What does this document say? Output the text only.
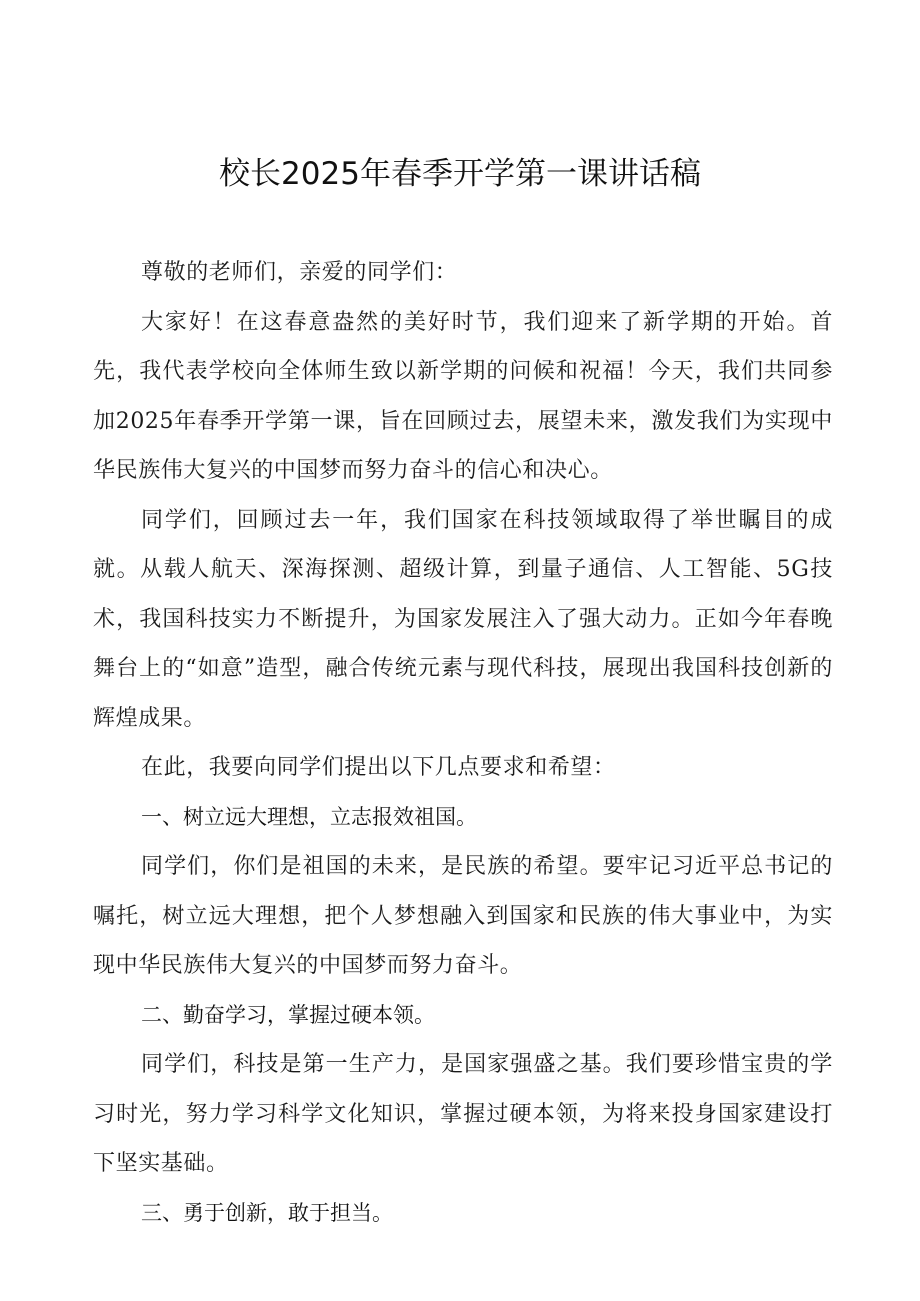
校长2025年春季开学第一课讲话稿

尊敬的老师们，亲爱的同学们：

大家好！在这春意盎然的美好时节，我们迎来了新学期的开始。首先，我代表学校向全体师生致以新学期的问候和祝福！今天，我们共同参加2025年春季开学第一课，旨在回顾过去，展望未来，激发我们为实现中华民族伟大复兴的中国梦而努力奋斗的信心和决心。

同学们，回顾过去一年，我们国家在科技领域取得了举世瞩目的成就。从载人航天、深海探测、超级计算，到量子通信、人工智能、5G技术，我国科技实力不断提升，为国家发展注入了强大动力。正如今年春晚舞台上的“如意”造型，融合传统元素与现代科技，展现出我国科技创新的辉煌成果。

在此，我要向同学们提出以下几点要求和希望：

一、树立远大理想，立志报效祖国。

同学们，你们是祖国的未来，是民族的希望。要牢记习近平总书记的嘱托，树立远大理想，把个人梦想融入到国家和民族的伟大事业中，为实现中华民族伟大复兴的中国梦而努力奋斗。

二、勤奋学习，掌握过硬本领。

同学们，科技是第一生产力，是国家强盛之基。我们要珍惜宝贵的学习时光，努力学习科学文化知识，掌握过硬本领，为将来投身国家建设打下坚实基础。

三、勇于创新，敢于担当。
